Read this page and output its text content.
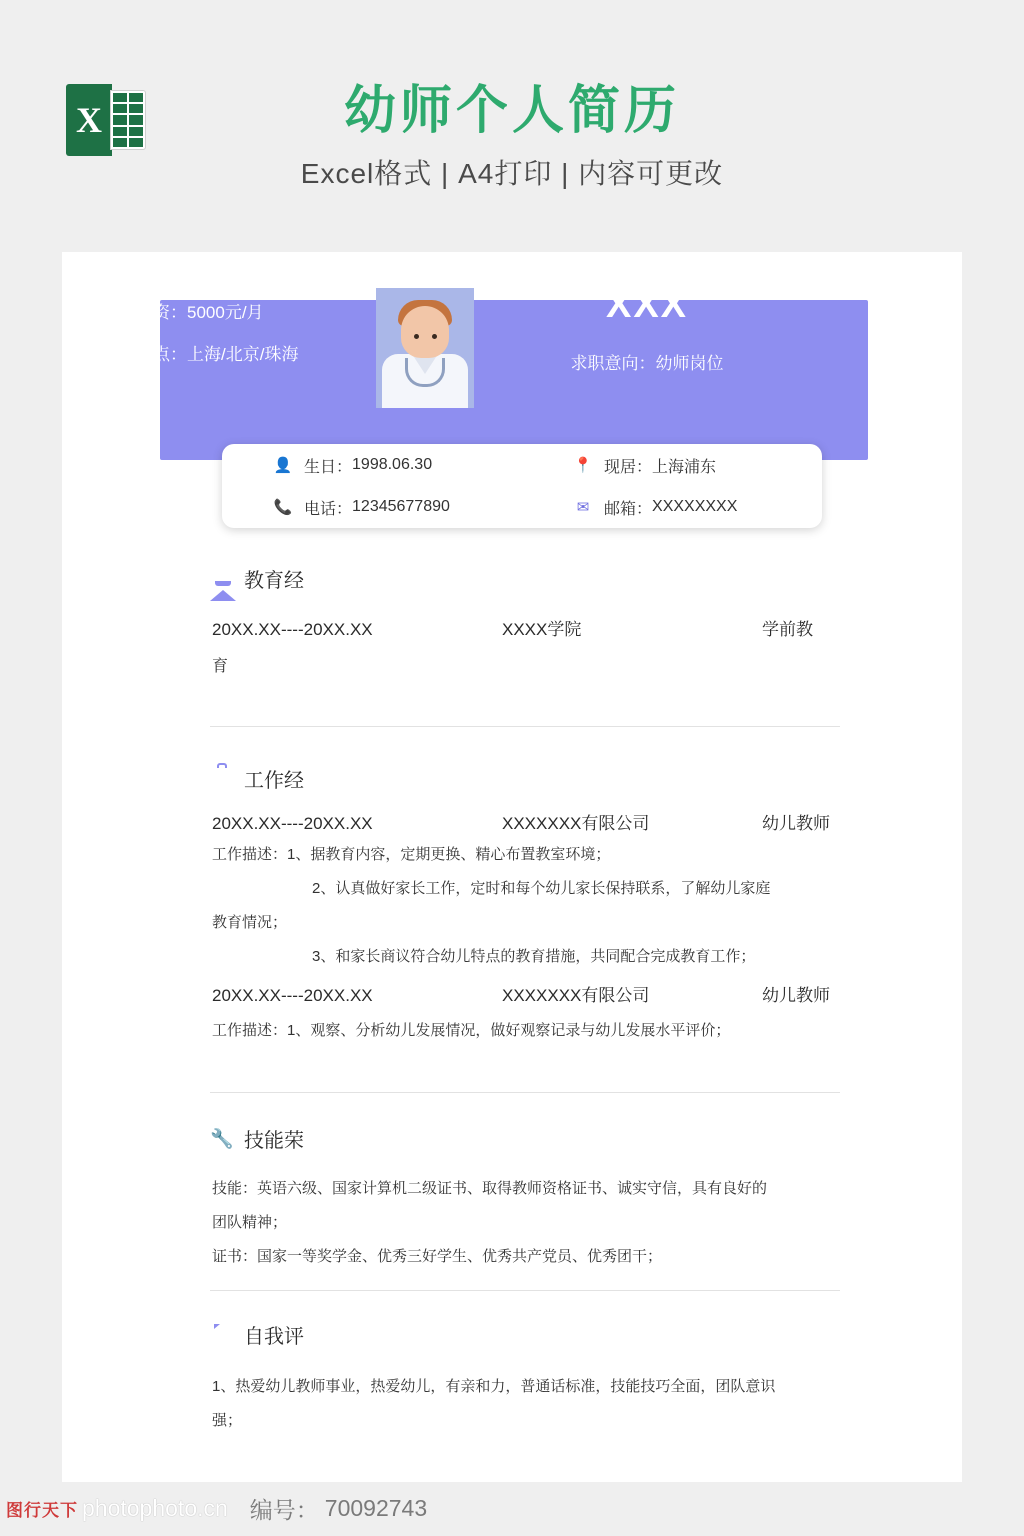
X	幼师个人简历
Excel格式 | A4打印 | 内容可更改
期望薪资：5000元/月
期望地点：上海/北京/珠海
XXX
求职意向：幼师岗位
👤 生日： 1998.06.30	📍 现居： 上海浦东
📞 电话： 12345677890	✉ 邮箱： XXXXXXXX
教育经
20XX.XX----20XX.XX	XXXX学院	学前教
育
工作经
20XX.XX----20XX.XX	XXXXXXX有限公司	幼儿教师
工作描述：1、据教育内容，定期更换、精心布置教室环境；
2、认真做好家长工作，定时和每个幼儿家长保持联系，了解幼儿家庭
教育情况；
3、和家长商议符合幼儿特点的教育措施，共同配合完成教育工作；
20XX.XX----20XX.XX	XXXXXXX有限公司	幼儿教师
工作描述：1、观察、分析幼儿发展情况，做好观察记录与幼儿发展水平评价；
🔧 技能荣
技能：英语六级、国家计算机二级证书、取得教师资格证书、诚实守信，具有良好的
团队精神；
证书：国家一等奖学金、优秀三好学生、优秀共产党员、优秀团干；
自我评
1、热爱幼儿教师事业，热爱幼儿，有亲和力，普通话标准，技能技巧全面，团队意识
强；
图行天下 photophoto.cn 编号： 70092743
